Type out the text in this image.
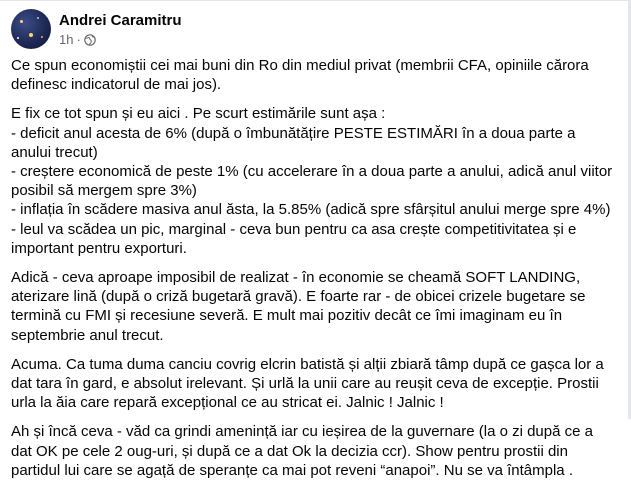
Andrei Caramitru
1h ·

Ce spun economiștii cei mai buni din Ro din mediul privat (membrii CFA, opiniile cărora definesc indicatorul de mai jos).

E fix ce tot spun și eu aici . Pe scurt estimările sunt așa :
- deficit anul acesta de 6% (după o îmbunătățire PESTE ESTIMĂRI în a doua parte a anului trecut)
- creștere economică de peste 1% (cu accelerare în a doua parte a anului, adică anul viitor posibil să mergem spre 3%)
- inflația în scădere masiva anul ăsta, la 5.85% (adică spre sfârșitul anului merge spre 4%)
- leul va scădea un pic, marginal - ceva bun pentru ca asa crește competitivitatea și e important pentru exporturi.

Adică - ceva aproape imposibil de realizat - în economie se cheamă SOFT LANDING, aterizare lină (după o criză bugetară gravă). E foarte rar - de obicei crizele bugetare se termină cu FMI și recesiune severă. E mult mai pozitiv decât ce îmi imaginam eu în septembrie anul trecut.

Acuma. Ca tuma duma canciu covrig elcrin batistă și alții zbiară tâmp după ce gașca lor a dat tara în gard, e absolut irelevant. Și urlă la unii care au reușit ceva de excepție. Prostii urla la ăia care repară excepțional ce au stricat ei. Jalnic ! Jalnic !

Ah și încă ceva - văd ca grindi amenință iar cu ieșirea de la guvernare (la o zi după ce a dat OK pe cele 2 oug-uri, și după ce a dat Ok la decizia ccr). Show pentru prostii din partidul lui care se agață de speranțe ca mai pot reveni “anapoi”. Nu se va întâmpla .
